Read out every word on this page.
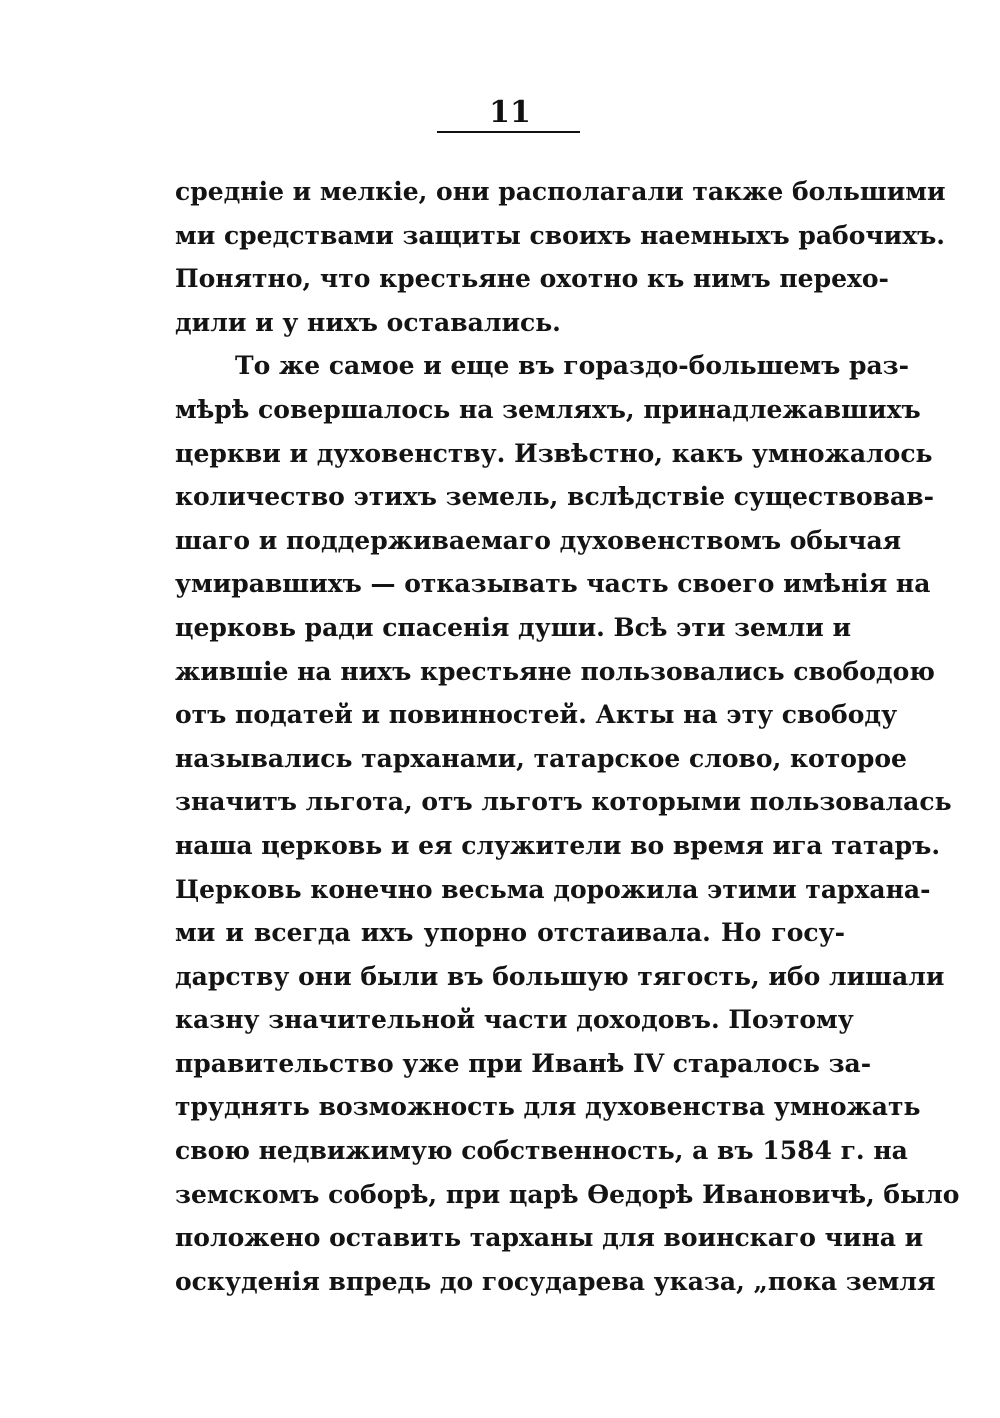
11
средніе и мелкіе, они располагали также большими
ми средствами защиты своихъ наемныхъ рабочихъ.
Понятно, что крестьяне охотно къ нимъ перехо-
дили и у нихъ оставались.
То же самое и еще въ гораздо-большемъ раз-
мѣрѣ совершалось на земляхъ, принадлежавшихъ
церкви и духовенству. Извѣстно, какъ умножалось
количество этихъ земель, вслѣдствіе существовав-
шаго и поддерживаемаго духовенствомъ обычая
умиравшихъ — отказывать часть своего имѣнія на
церковь ради спасенія души. Всѣ эти земли и
жившіе на нихъ крестьяне пользовались свободою
отъ податей и повинностей. Акты на эту свободу
назывались тарханами, татарское слово, которое
значитъ льгота, отъ льготъ которыми пользовалась
наша церковь и ея служители во время ига татаръ.
Церковь конечно весьма дорожила этими тархана-
ми и всегда ихъ упорно отстаивала. Но госу-
дарству они были въ большую тягость, ибо лишали
казну значительной части доходовъ. Поэтому
правительство уже при Иванѣ IV старалось за-
труднять возможность для духовенства умножать
свою недвижимую собственность, а въ 1584 г. на
земскомъ соборѣ, при царѣ Ѳедорѣ Ивановичѣ, было
положено оставить тарханы для воинскаго чина и
оскуденія впредь до государева указа, „пока земля
